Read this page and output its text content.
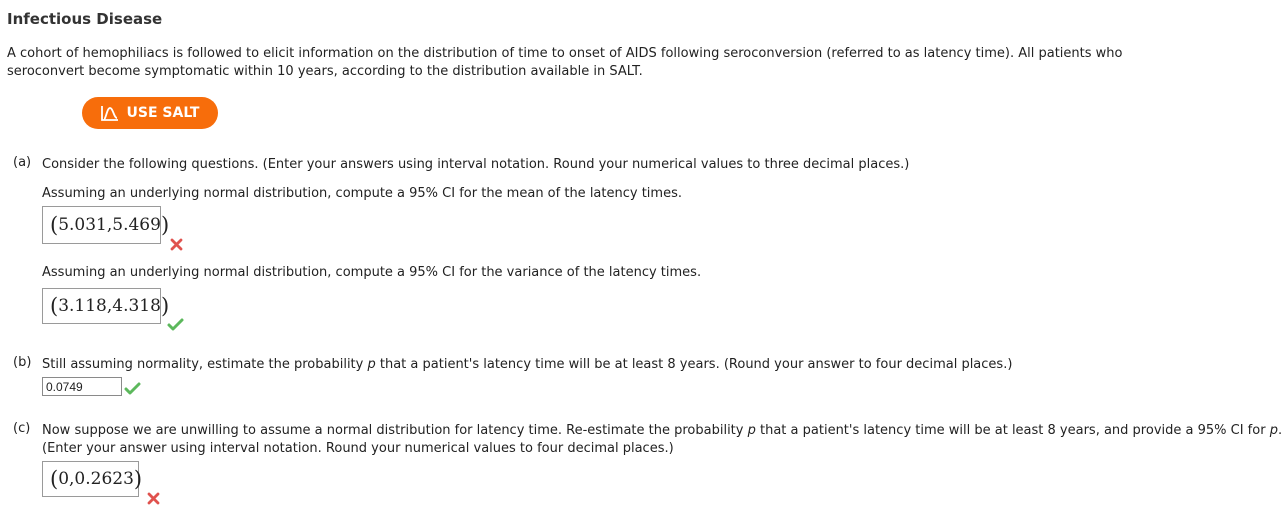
Infectious Disease
A cohort of hemophiliacs is followed to elicit information on the distribution of time to onset of AIDS following seroconversion (referred to as latency time). All patients who seroconvert become symptomatic within 10 years, according to the distribution available in SALT.
USE SALT
(a) Consider the following questions. (Enter your answers using interval notation. Round your numerical values to three decimal places.)
Assuming an underlying normal distribution, compute a 95% CI for the mean of the latency times.
( 5.031,5.469 )
Assuming an underlying normal distribution, compute a 95% CI for the variance of the latency times.
( 3.118,4.318 )
(b) Still assuming normality, estimate the probability p that a patient's latency time will be at least 8 years. (Round your answer to four decimal places.)
0.0749
(c) Now suppose we are unwilling to assume a normal distribution for latency time. Re-estimate the probability p that a patient's latency time will be at least 8 years, and provide a 95% CI for p.
(Enter your answer using interval notation. Round your numerical values to four decimal places.)
( 0,0.2623 )
